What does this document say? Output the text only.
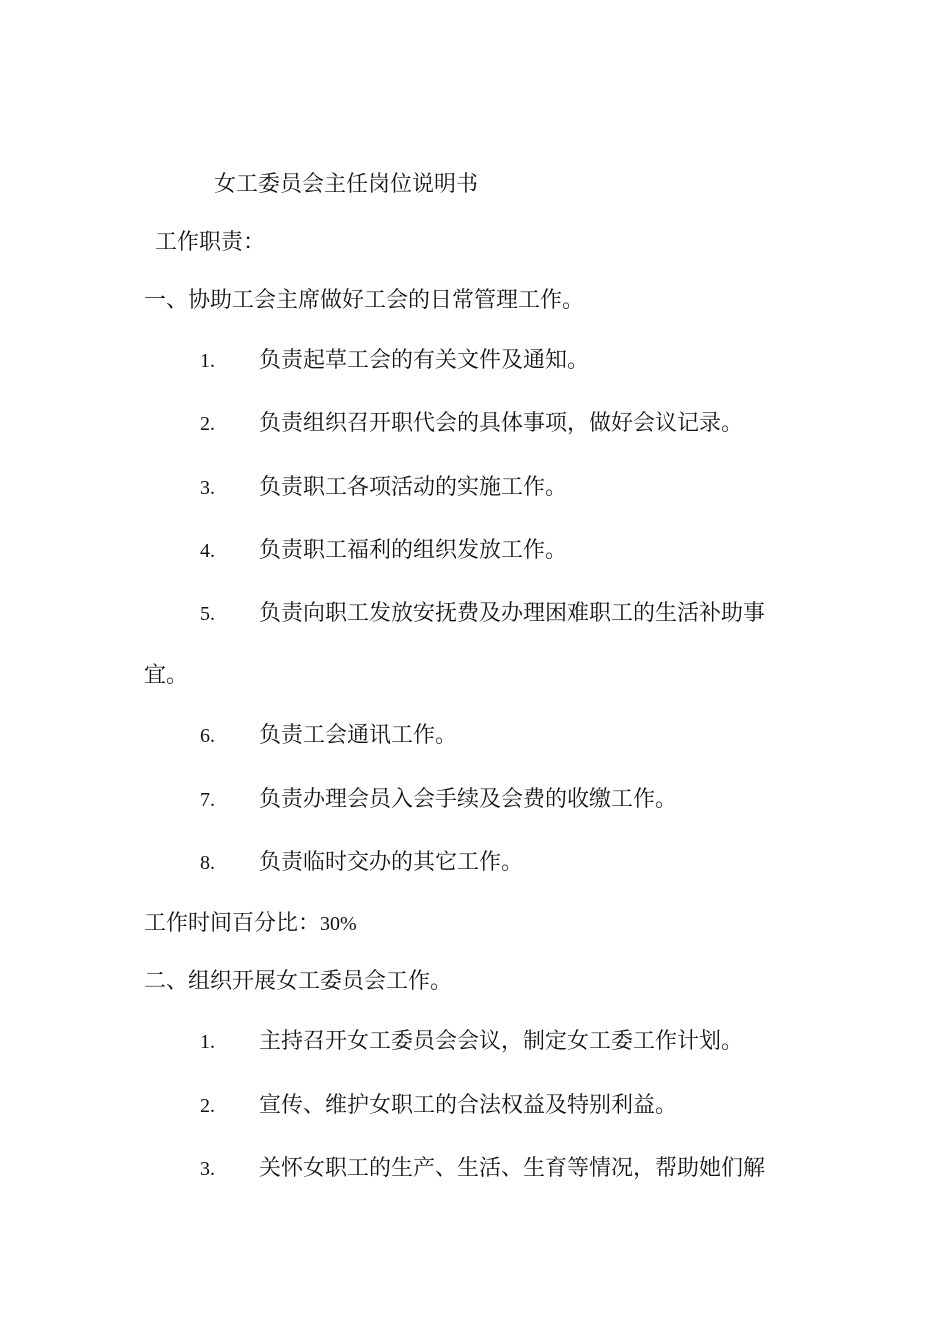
女工委员会主任岗位说明书
工作职责：
一、协助工会主席做好工会的日常管理工作。
1. 负责起草工会的有关文件及通知。
2. 负责组织召开职代会的具体事项，做好会议记录。
3. 负责职工各项活动的实施工作。
4. 负责职工福利的组织发放工作。
5. 负责向职工发放安抚费及办理困难职工的生活补助事
宜。
6. 负责工会通讯工作。
7. 负责办理会员入会手续及会费的收缴工作。
8. 负责临时交办的其它工作。
工作时间百分比：30%
二、组织开展女工委员会工作。
1. 主持召开女工委员会会议，制定女工委工作计划。
2. 宣传、维护女职工的合法权益及特别利益。
3. 关怀女职工的生产、生活、生育等情况，帮助她们解
